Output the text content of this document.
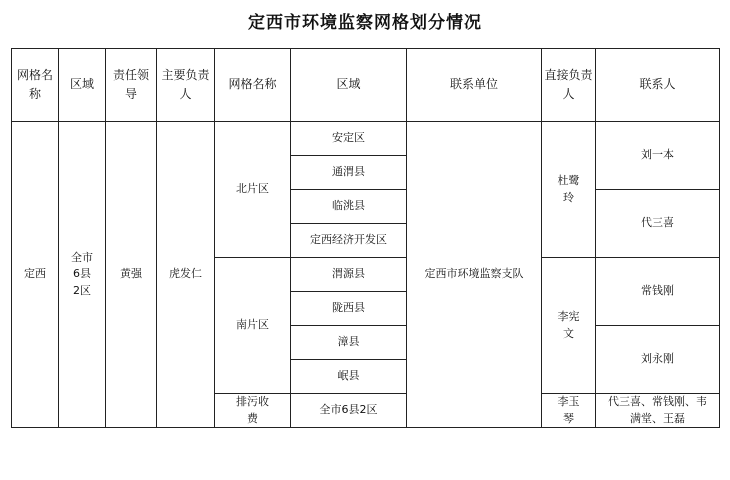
定西市环境监察网格划分情况
网格名称	区域	责任领导	主要负责人	网格名称	区域	联系单位	直接负责人	联系人
定西	全市6县2区	黄强	虎发仁	北片区	安定区	定西市环境监察支队	杜鹭玲	刘一本
					通渭县			
					临洮县			代三喜
					定西经济开发区			
				南片区	渭源县		李宪文	常钱刚
					陇西县			
					漳县			刘永刚
					岷县			
				排污收费	全市6县2区		李玉琴	代三喜、常钱刚、韦满堂、王磊
